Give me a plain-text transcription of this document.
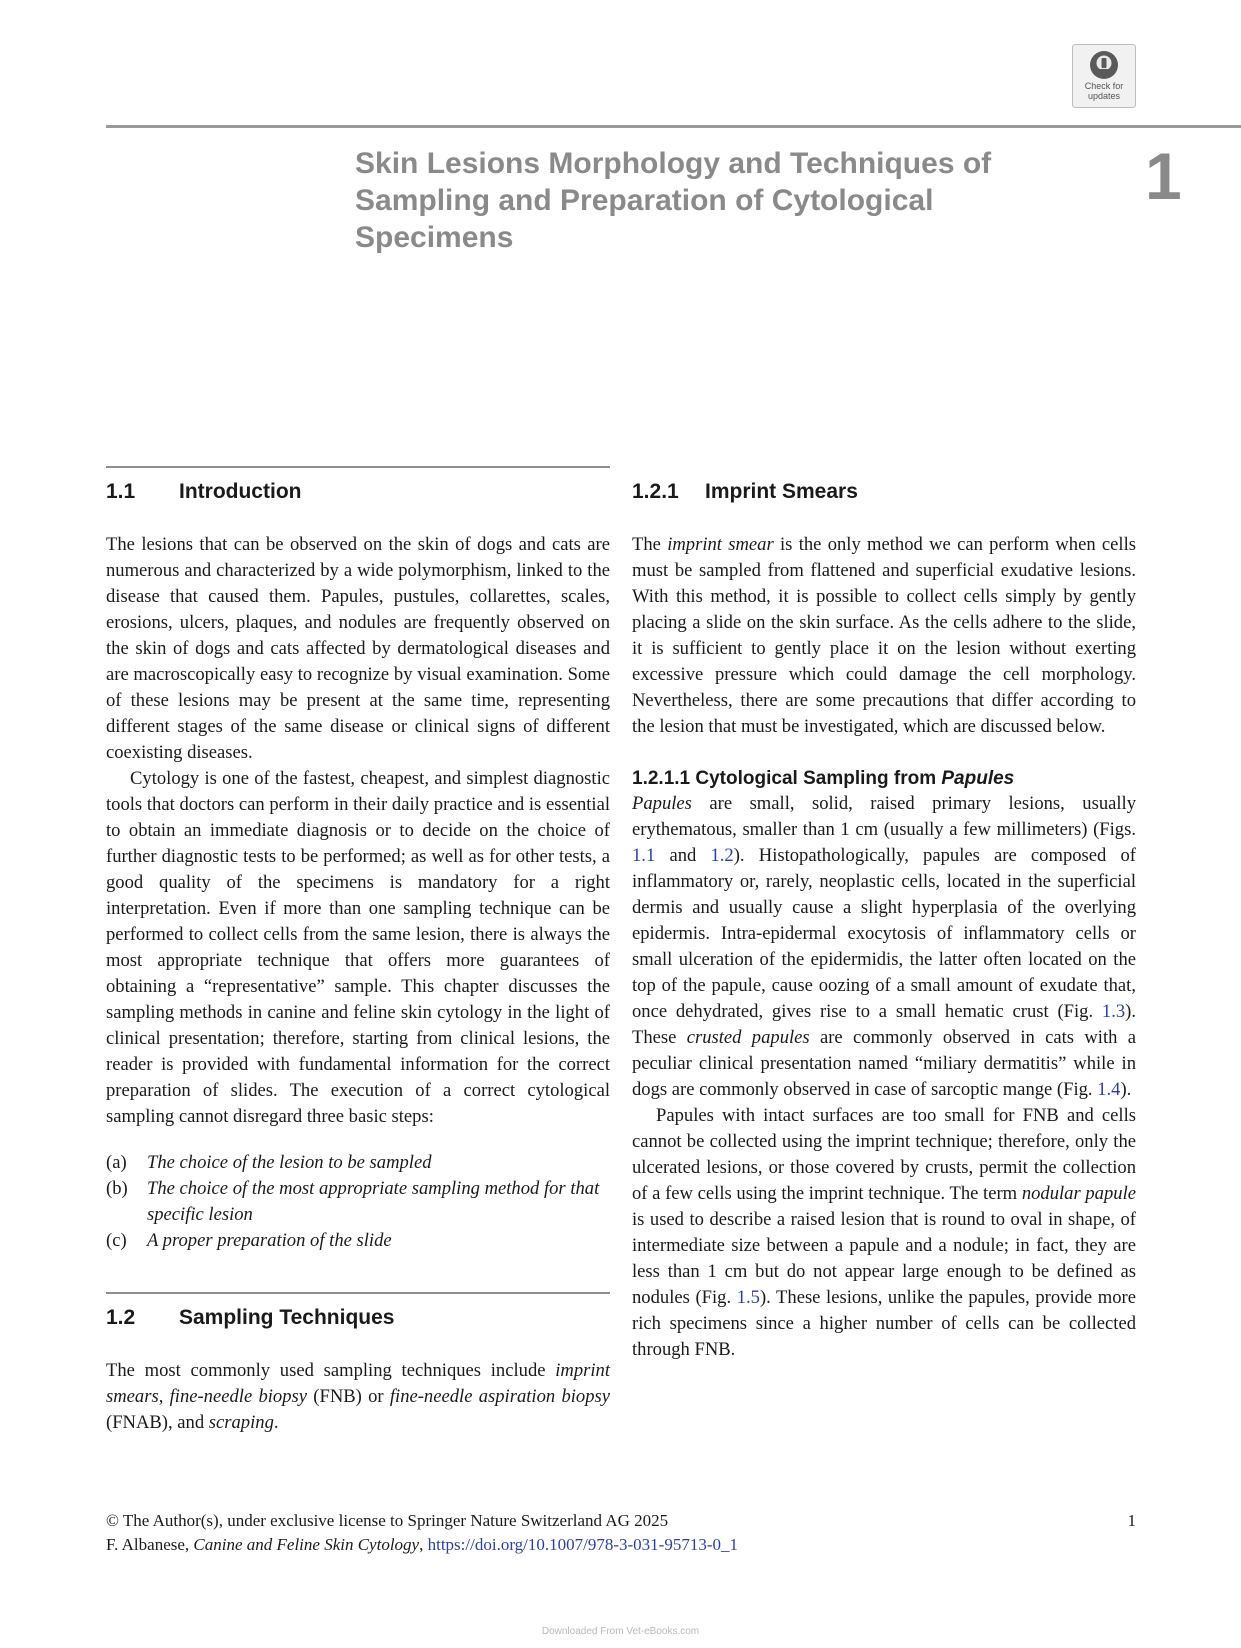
Check for
updates
Skin Lesions Morphology and Techniques of Sampling and Preparation of Cytological Specimens
1
1.1 Introduction

The lesions that can be observed on the skin of dogs and cats are numerous and characterized by a wide polymorphism, linked to the disease that caused them. Papules, pustules, collarettes, scales, erosions, ulcers, plaques, and nodules are frequently observed on the skin of dogs and cats affected by dermatological diseases and are macroscopically easy to recognize by visual examination. Some of these lesions may be present at the same time, representing different stages of the same disease or clinical signs of different coexisting diseases.

Cytology is one of the fastest, cheapest, and simplest diagnostic tools that doctors can perform in their daily practice and is essential to obtain an immediate diagnosis or to decide on the choice of further diagnostic tests to be performed; as well as for other tests, a good quality of the specimens is mandatory for a right interpretation. Even if more than one sampling technique can be performed to collect cells from the same lesion, there is always the most appropriate technique that offers more guarantees of obtaining a “representative” sample. This chapter discusses the sampling methods in canine and feline skin cytology in the light of clinical presentation; therefore, starting from clinical lesions, the reader is provided with fundamental information for the correct preparation of slides. The execution of a correct cytological sampling cannot disregard three basic steps:

(a) The choice of the lesion to be sampled
(b) The choice of the most appropriate sampling method for that specific lesion
(c) A proper preparation of the slide
1.2 Sampling Techniques

The most commonly used sampling techniques include imprint smears, fine-needle biopsy (FNB) or fine-needle aspiration biopsy (FNAB), and scraping.

1.2.1 Imprint Smears

The imprint smear is the only method we can perform when cells must be sampled from flattened and superficial exudative lesions. With this method, it is possible to collect cells simply by gently placing a slide on the skin surface. As the cells adhere to the slide, it is sufficient to gently place it on the lesion without exerting excessive pressure which could damage the cell morphology. Nevertheless, there are some precautions that differ according to the lesion that must be investigated, which are discussed below.

1.2.1.1 Cytological Sampling from Papules

Papules are small, solid, raised primary lesions, usually erythematous, smaller than 1 cm (usually a few millimeters) (Figs. 1.1 and 1.2). Histopathologically, papules are composed of inflammatory or, rarely, neoplastic cells, located in the superficial dermis and usually cause a slight hyperplasia of the overlying epidermis. Intra-epidermal exocytosis of inflammatory cells or small ulceration of the epidermidis, the latter often located on the top of the papule, cause oozing of a small amount of exudate that, once dehydrated, gives rise to a small hematic crust (Fig. 1.3). These crusted papules are commonly observed in cats with a peculiar clinical presentation named “miliary dermatitis” while in dogs are commonly observed in case of sarcoptic mange (Fig. 1.4).

Papules with intact surfaces are too small for FNB and cells cannot be collected using the imprint technique; therefore, only the ulcerated lesions, or those covered by crusts, permit the collection of a few cells using the imprint technique. The term nodular papule is used to describe a raised lesion that is round to oval in shape, of intermediate size between a papule and a nodule; in fact, they are less than 1 cm but do not appear large enough to be defined as nodules (Fig. 1.5). These lesions, unlike the papules, provide more rich specimens since a higher number of cells can be collected through FNB.

© The Author(s), under exclusive license to Springer Nature Switzerland AG 2025
F. Albanese, Canine and Feline Skin Cytology, https://doi.org/10.1007/978-3-031-95713-0_1
1
Downloaded From Vet-eBooks.com
